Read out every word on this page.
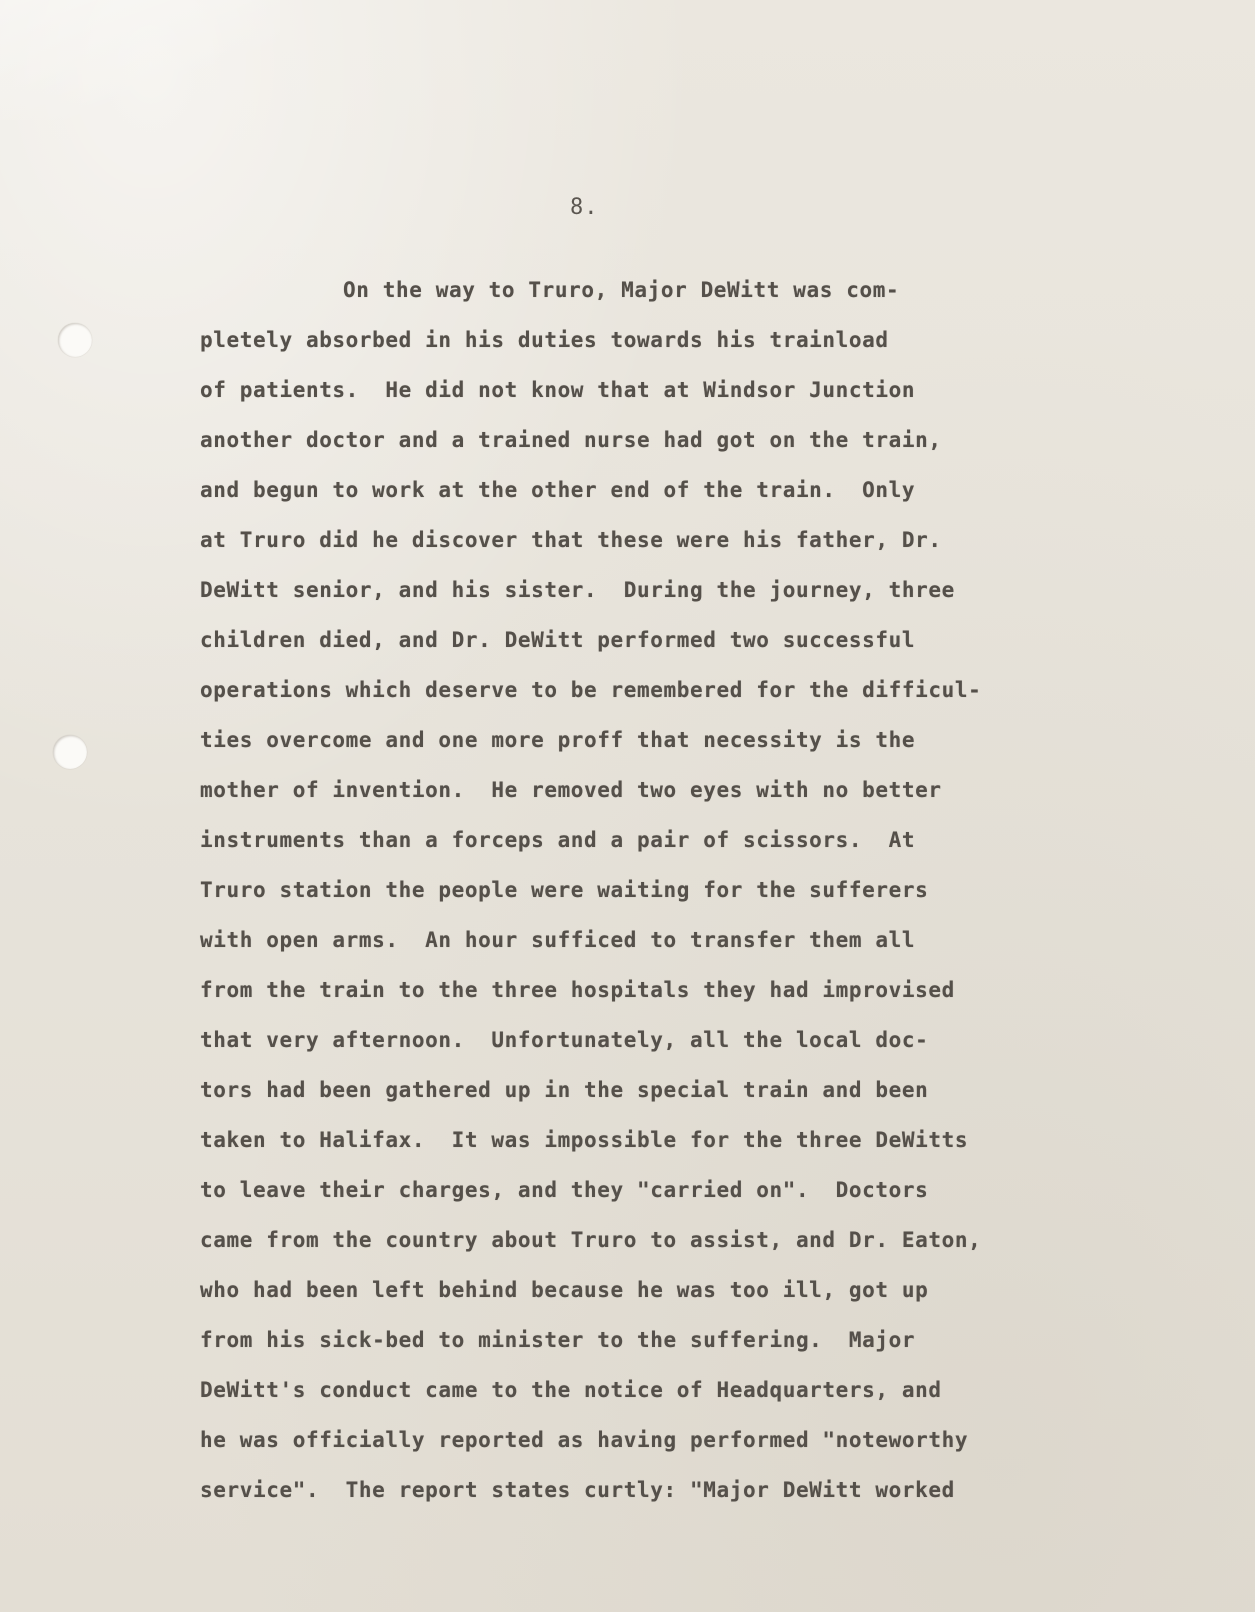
8.
On the way to Truro, Major DeWitt was com-
pletely absorbed in his duties towards his trainload
of patients.  He did not know that at Windsor Junction
another doctor and a trained nurse had got on the train,
and begun to work at the other end of the train.  Only
at Truro did he discover that these were his father, Dr.
DeWitt senior, and his sister.  During the journey, three
children died, and Dr. DeWitt performed two successful
operations which deserve to be remembered for the difficul-
ties overcome and one more proff that necessity is the
mother of invention.  He removed two eyes with no better
instruments than a forceps and a pair of scissors.  At
Truro station the people were waiting for the sufferers
with open arms.  An hour sufficed to transfer them all
from the train to the three hospitals they had improvised
that very afternoon.  Unfortunately, all the local doc-
tors had been gathered up in the special train and been
taken to Halifax.  It was impossible for the three DeWitts
to leave their charges, and they "carried on".  Doctors
came from the country about Truro to assist, and Dr. Eaton,
who had been left behind because he was too ill, got up
from his sick-bed to minister to the suffering.  Major
DeWitt's conduct came to the notice of Headquarters, and
he was officially reported as having performed "noteworthy
service".  The report states curtly: "Major DeWitt worked
